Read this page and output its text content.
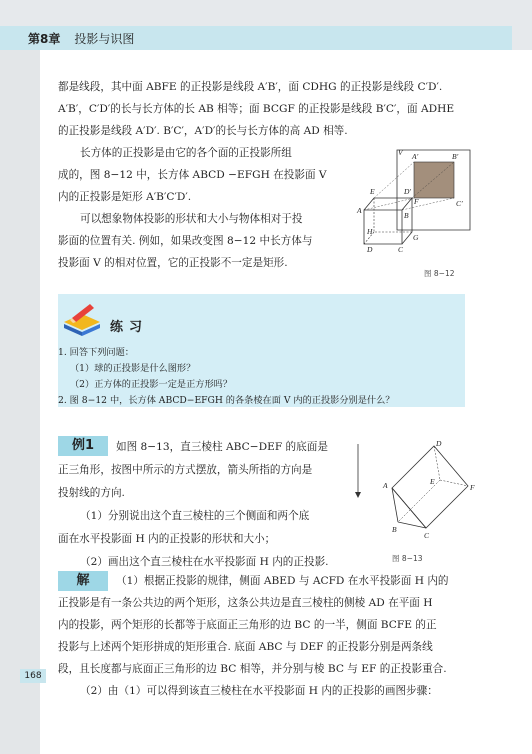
第8章 投影与识图
168

都是线段，其中面 ABFE 的正投影是线段 A′B′，面 CDHG 的正投影是线段 C′D′.

A′B′，C′D′的长与长方体的长 AB 相等；面 BCGF 的正投影是线段 B′C′，面 ADHE

的正投影是线段 A′D′. B′C′，A′D′的长与长方体的高 AD 相等.

长方体的正投影是由它的各个面的正投影所组

成的，图 8−12 中，长方体 ABCD −EFGH 在投影面 V

内的正投影是矩形 A′B′C′D′.

可以想象物体投影的形状和大小与物体相对于投

影面的位置有关. 例如，如果改变图 8−12 中长方体与

投影面 V 的相对位置，它的正投影不一定是矩形.

V A′	B′
C′
D′
E
F
A
B
H
G
D	C
图 8−12
练习
1. 回答下列问题：
（1）球的正投影是什么图形？
（2）正方体的正投影一定是正方形吗？
2. 图 8−12 中，长方体 ABCD−EFGH 的各条棱在面 V 内的正投影分别是什么？
例1	如图 8−13，直三棱柱 ABC−DEF 的底面是

正三角形，按图中所示的方式摆放，箭头所指的方向是

投射线的方向.

（1）分别说出这个直三棱柱的三个侧面和两个底

面在水平投影面 H 内的正投影的形状和大小；

（2）画出这个直三棱柱在水平投影面 H 内的正投影.

A
B
C
D
E
F
图 8−13
解	（1）根据正投影的规律，侧面 ABED 与 ACFD 在水平投影面 H 内的

正投影是有一条公共边的两个矩形，这条公共边是直三棱柱的侧棱 AD 在平面 H

内的投影，两个矩形的长都等于底面正三角形的边 BC 的一半，侧面 BCFE 的正

投影与上述两个矩形拼成的矩形重合. 底面 ABC 与 DEF 的正投影分别是两条线

段，且长度都与底面正三角形的边 BC 相等，并分别与棱 BC 与 EF 的正投影重合.

（2）由（1）可以得到该直三棱柱在水平投影面 H 内的正投影的画图步骤：
